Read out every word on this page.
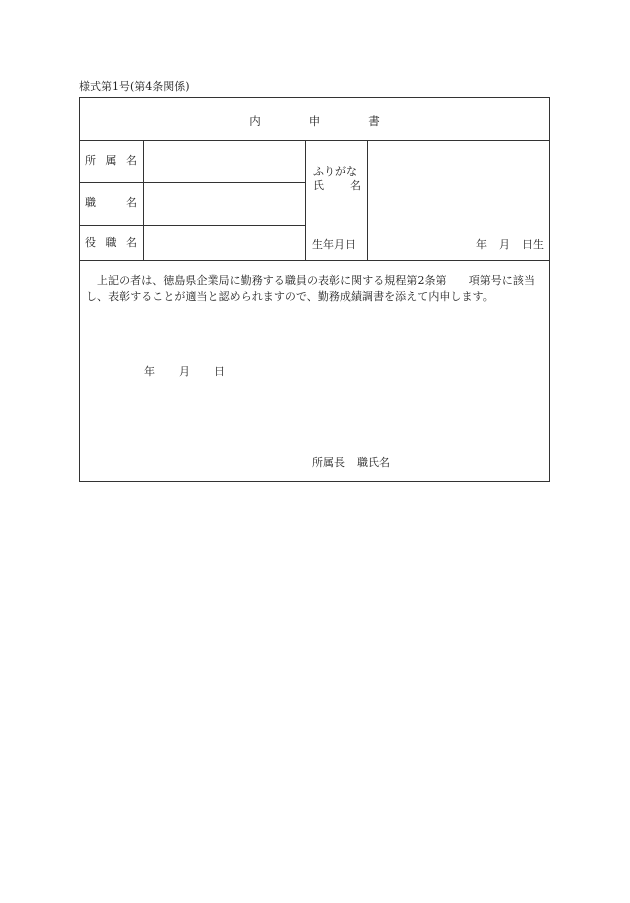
様式第1号(第4条関係)
内	申	書
所 属 名
職	名
役 職 名
ふりがな
氏 名
生年月日	年 月 日生
上記の者は、徳島県企業局に勤務する職員の表彰に関する規程第2条第　　項第号に該当し、表彰することが適当と認められますので、勤務成績調書を添えて内申します。
年 月 日
所属長 職氏名
